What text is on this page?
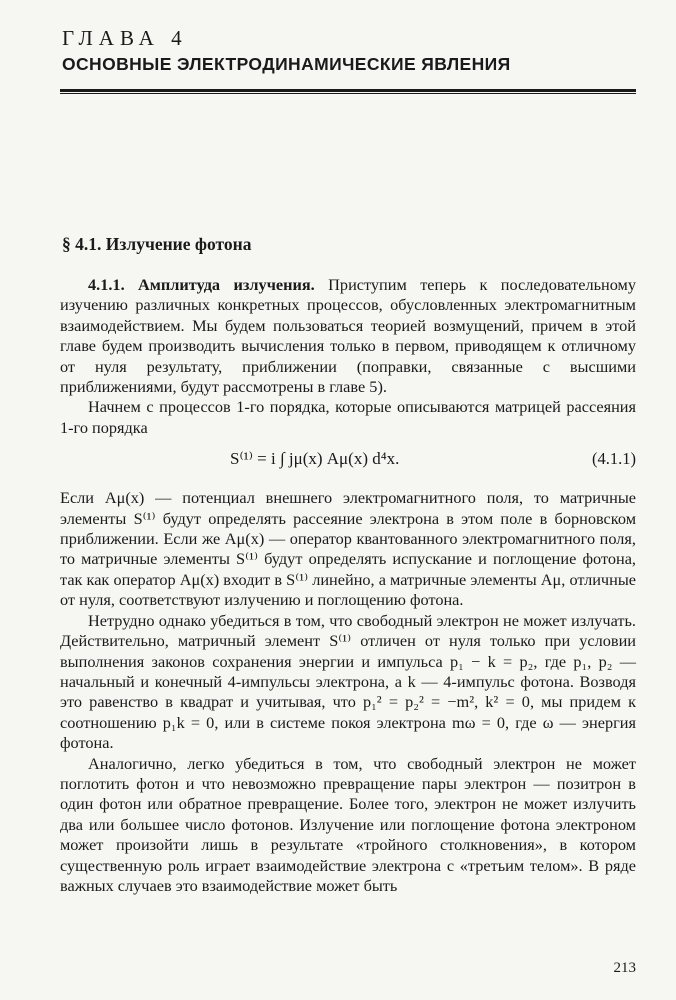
ГЛАВА 4
ОСНОВНЫЕ ЭЛЕКТРОДИНАМИЧЕСКИЕ ЯВЛЕНИЯ
§ 4.1. Излучение фотона

4.1.1. Амплитуда излучения. Приступим теперь к последовательному изучению различных конкретных процессов, обусловленных электромагнитным взаимодействием. Мы будем пользоваться теорией возмущений, причем в этой главе будем производить вычисления только в первом, приводящем к отличному от нуля результату, приближении (поправки, связанные с высшими приближениями, будут рассмотрены в главе 5).

Начнем с процессов 1-го порядка, которые описываются матрицей рассеяния 1-го порядка

S⁽¹⁾ = i ∫ jμ(x) Aμ(x) d⁴x.	(4.1.1)

Если Aμ(x) — потенциал внешнего электромагнитного поля, то матричные элементы S⁽¹⁾ будут определять рассеяние электрона в этом поле в борновском приближении. Если же Aμ(x) — оператор квантованного электромагнитного поля, то матричные элементы S⁽¹⁾ будут определять испускание и поглощение фотона, так как оператор Aμ(x) входит в S⁽¹⁾ линейно, а матричные элементы Aμ, отличные от нуля, соответствуют излучению и поглощению фотона.

Нетрудно однако убедиться в том, что свободный электрон не может излучать. Действительно, матричный элемент S⁽¹⁾ отличен от нуля только при условии выполнения законов сохранения энергии и импульса p₁ − k = p₂, где p₁, p₂ — начальный и конечный 4-импульсы электрона, а k — 4-импульс фотона. Возводя это равенство в квадрат и учитывая, что p₁² = p₂² = −m², k² = 0, мы придем к соотношению p₁k = 0, или в системе покоя электрона mω = 0, где ω — энергия фотона.

Аналогично, легко убедиться в том, что свободный электрон не может поглотить фотон и что невозможно превращение пары электрон — позитрон в один фотон или обратное превращение. Более того, электрон не может излучить два или большее число фотонов. Излучение или поглощение фотона электроном может произойти лишь в результате «тройного столкновения», в котором существенную роль играет взаимодействие электрона с «третьим телом». В ряде важных случаев это взаимодействие может быть

213
